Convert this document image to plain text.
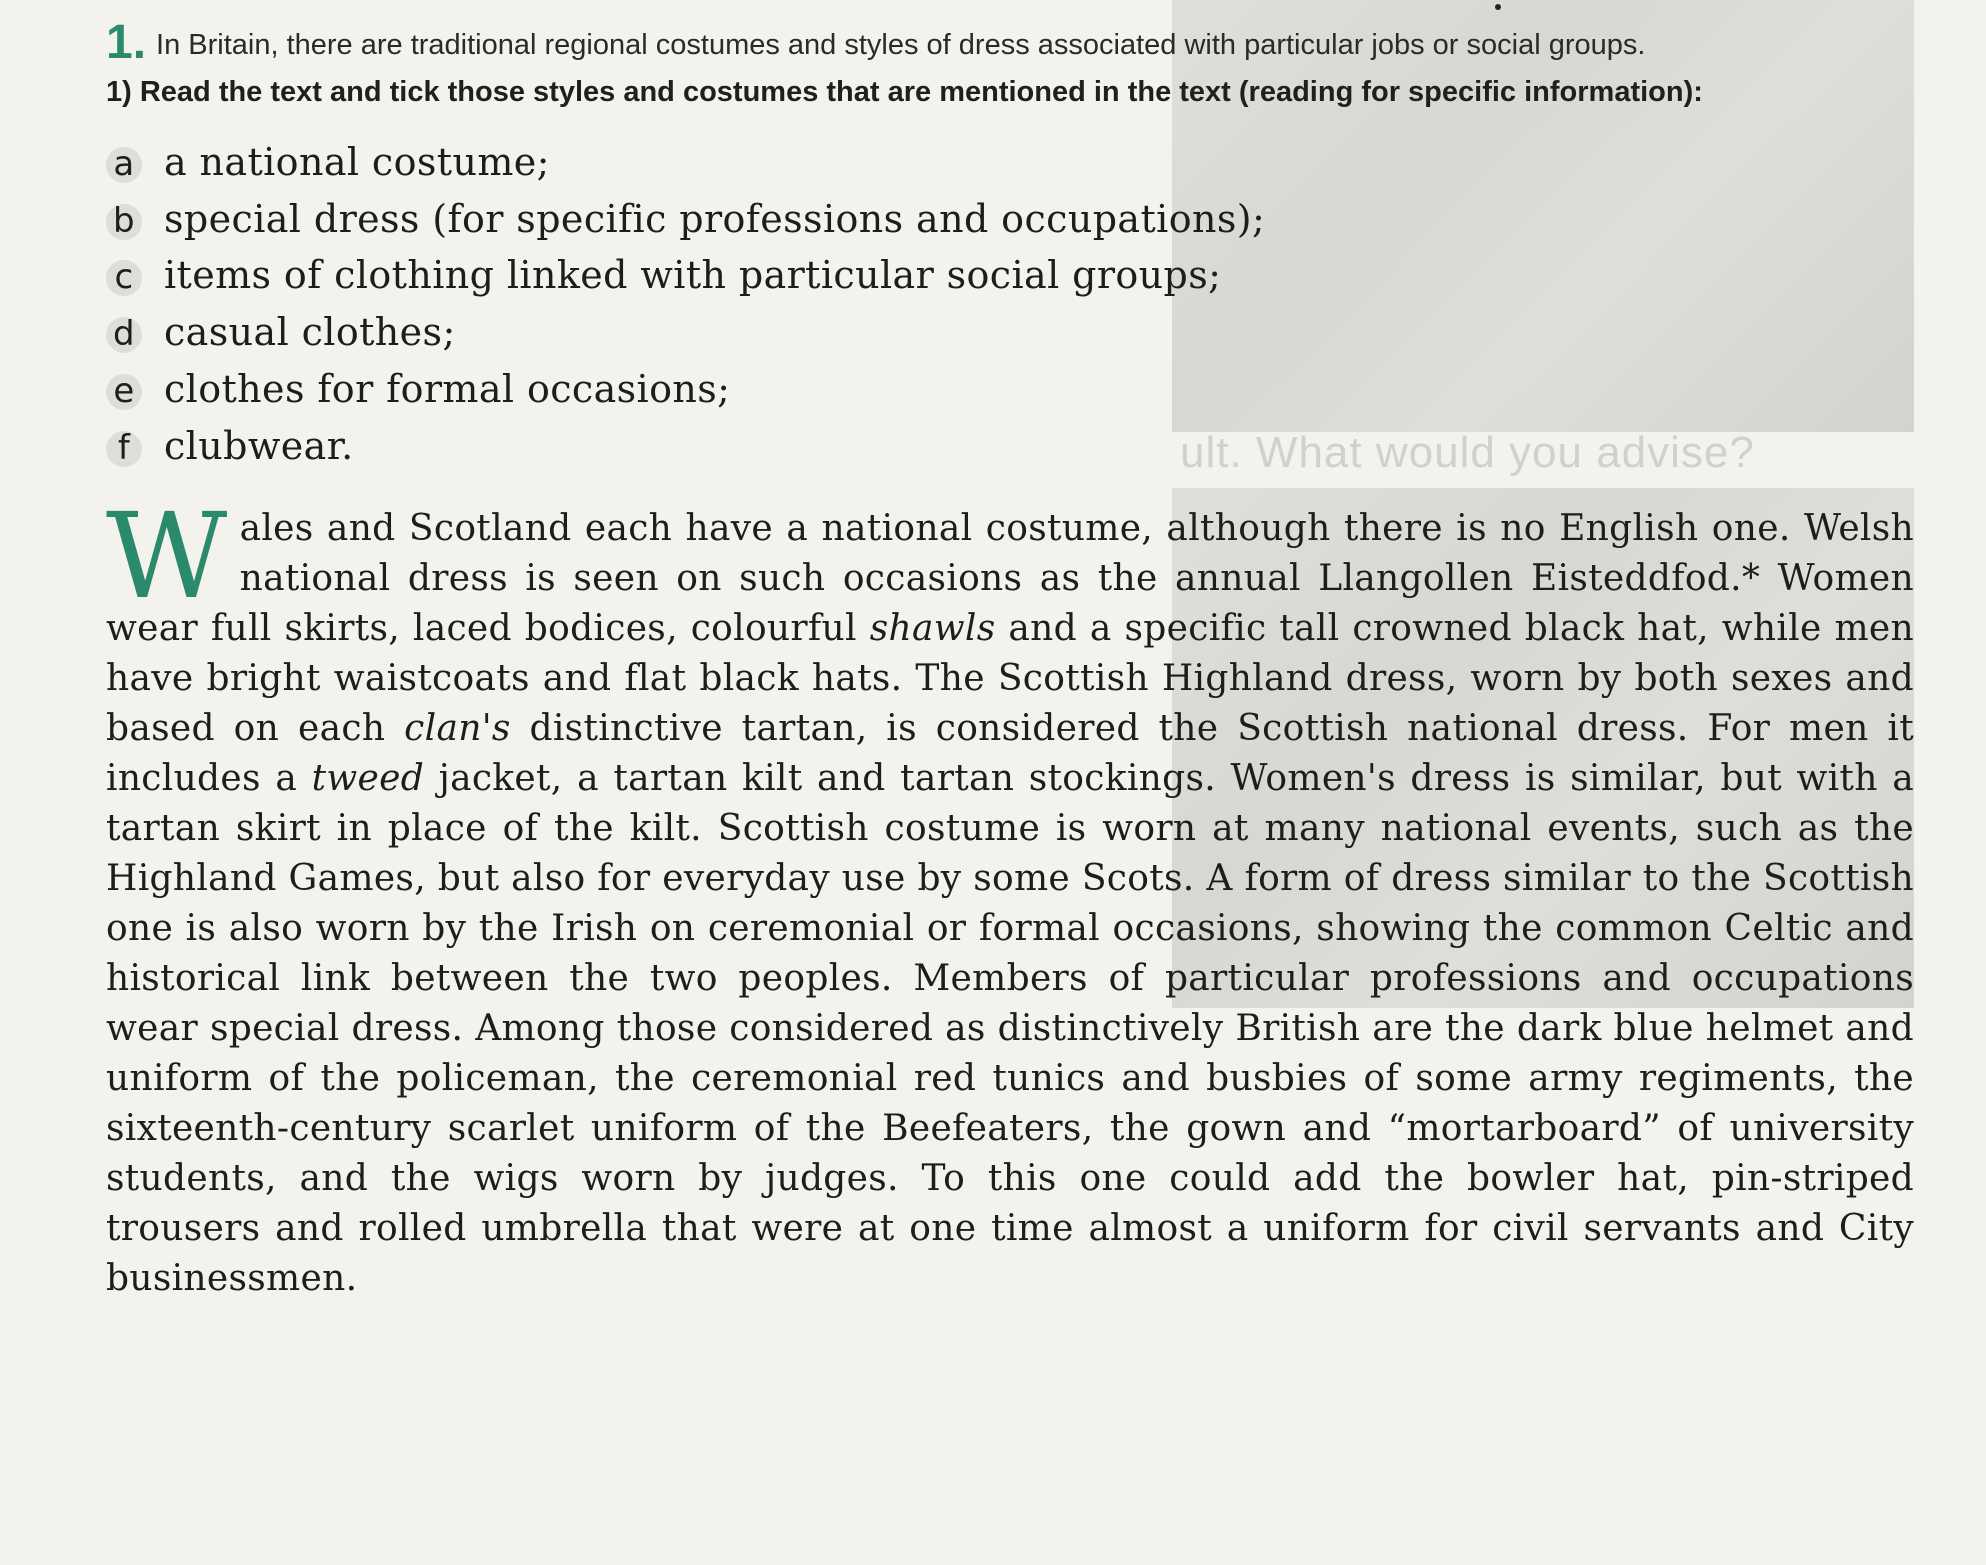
ult. What would you advise?
1. In Britain, there are traditional regional costumes and styles of dress associated with particular jobs or social groups.
1) Read the text and tick those styles and costumes that are mentioned in the text (reading for specific information):
a a national costume;
b special dress (for specific professions and occupations);
c items of clothing linked with particular social groups;
d casual clothes;
e clothes for formal occasions;
f clubwear.
Wales and Scotland each have a national costume, although there is no English one. Welsh national dress is seen on such occasions as the annual Llangollen Eisteddfod.* Women wear full skirts, laced bodices, colourful shawls and a specific tall crowned black hat, while men have bright waistcoats and flat black hats. The Scottish Highland dress, worn by both sexes and based on each clan's distinctive tartan, is considered the Scottish national dress. For men it includes a tweed jacket, a tartan kilt and tartan stockings. Women's dress is similar, but with a tartan skirt in place of the kilt. Scottish costume is worn at many national events, such as the Highland Games, but also for everyday use by some Scots. A form of dress similar to the Scottish one is also worn by the Irish on ceremonial or formal occasions, showing the common Celtic and historical link between the two peoples. Members of particular professions and occupations wear special dress. Among those considered as distinctively British are the dark blue helmet and uniform of the policeman, the ceremonial red tunics and busbies of some army regiments, the sixteenth-century scarlet uniform of the Beefeaters, the gown and “mortarboard” of university students, and the wigs worn by judges. To this one could add the bowler hat, pin-striped trousers and rolled umbrella that were at one time almost a uniform for civil servants and City businessmen.
